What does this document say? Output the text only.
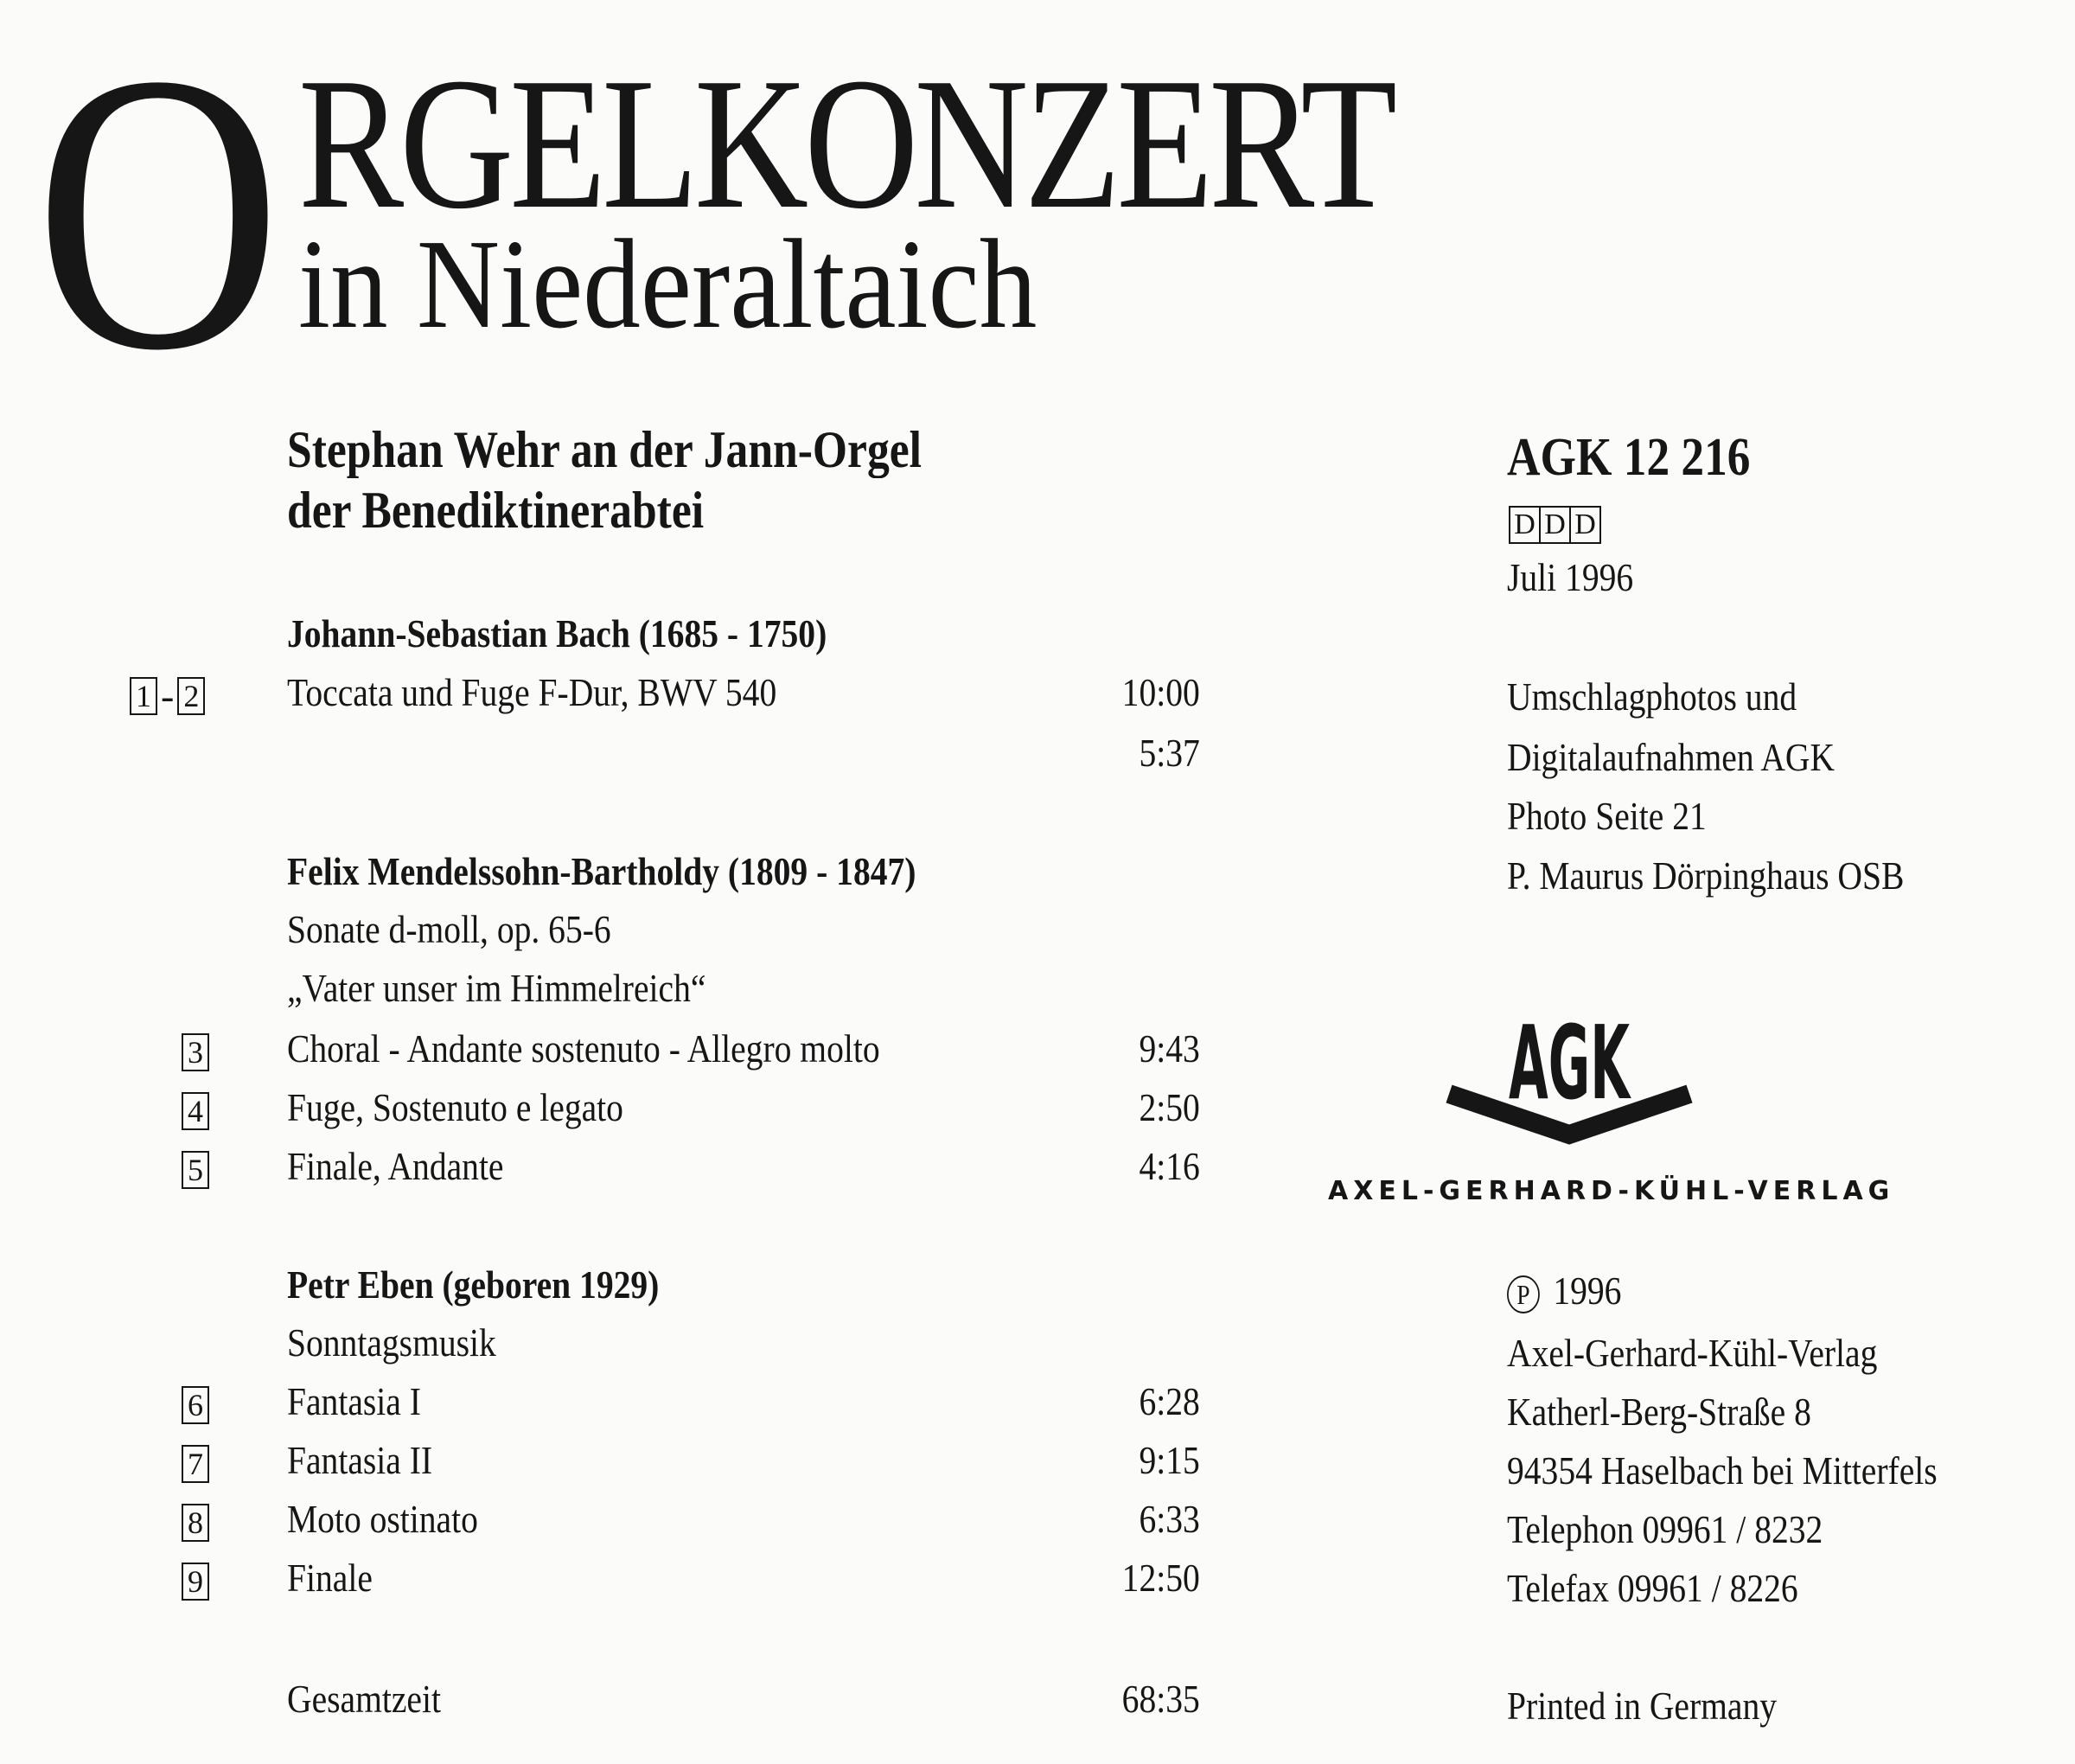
O RGELKONZERT
in Niederaltaich
Stephan Wehr an der Jann-Orgel
der Benediktinerabtei
AGK 12 216
D D D
Juli 1996
Johann-Sebastian Bach (1685 - 1750)
1 - 2 Toccata und Fuge F-Dur, BWV 540	10:00
5:37
Felix Mendelssohn-Bartholdy (1809 - 1847)
Sonate d-moll, op. 65-6
„Vater unser im Himmelreich“
3 Choral - Andante sostenuto - Allegro molto	9:43
4 Fuge, Sostenuto e legato	2:50
5 Finale, Andante	4:16
Petr Eben (geboren 1929)
Sonntagsmusik
6 Fantasia I	6:28
7 Fantasia II	9:15
8 Moto ostinato	6:33
9 Finale	12:50
Gesamtzeit	68:35
Umschlagphotos und
Digitalaufnahmen AGK
Photo Seite 21
P. Maurus Dörpinghaus OSB
AGK
AXEL-GERHARD-KÜHL-VERLAG
P 1996
Axel-Gerhard-Kühl-Verlag
Katherl-Berg-Straße 8
94354 Haselbach bei Mitterfels
Telephon 09961 / 8232
Telefax 09961 / 8226
Printed in Germany
